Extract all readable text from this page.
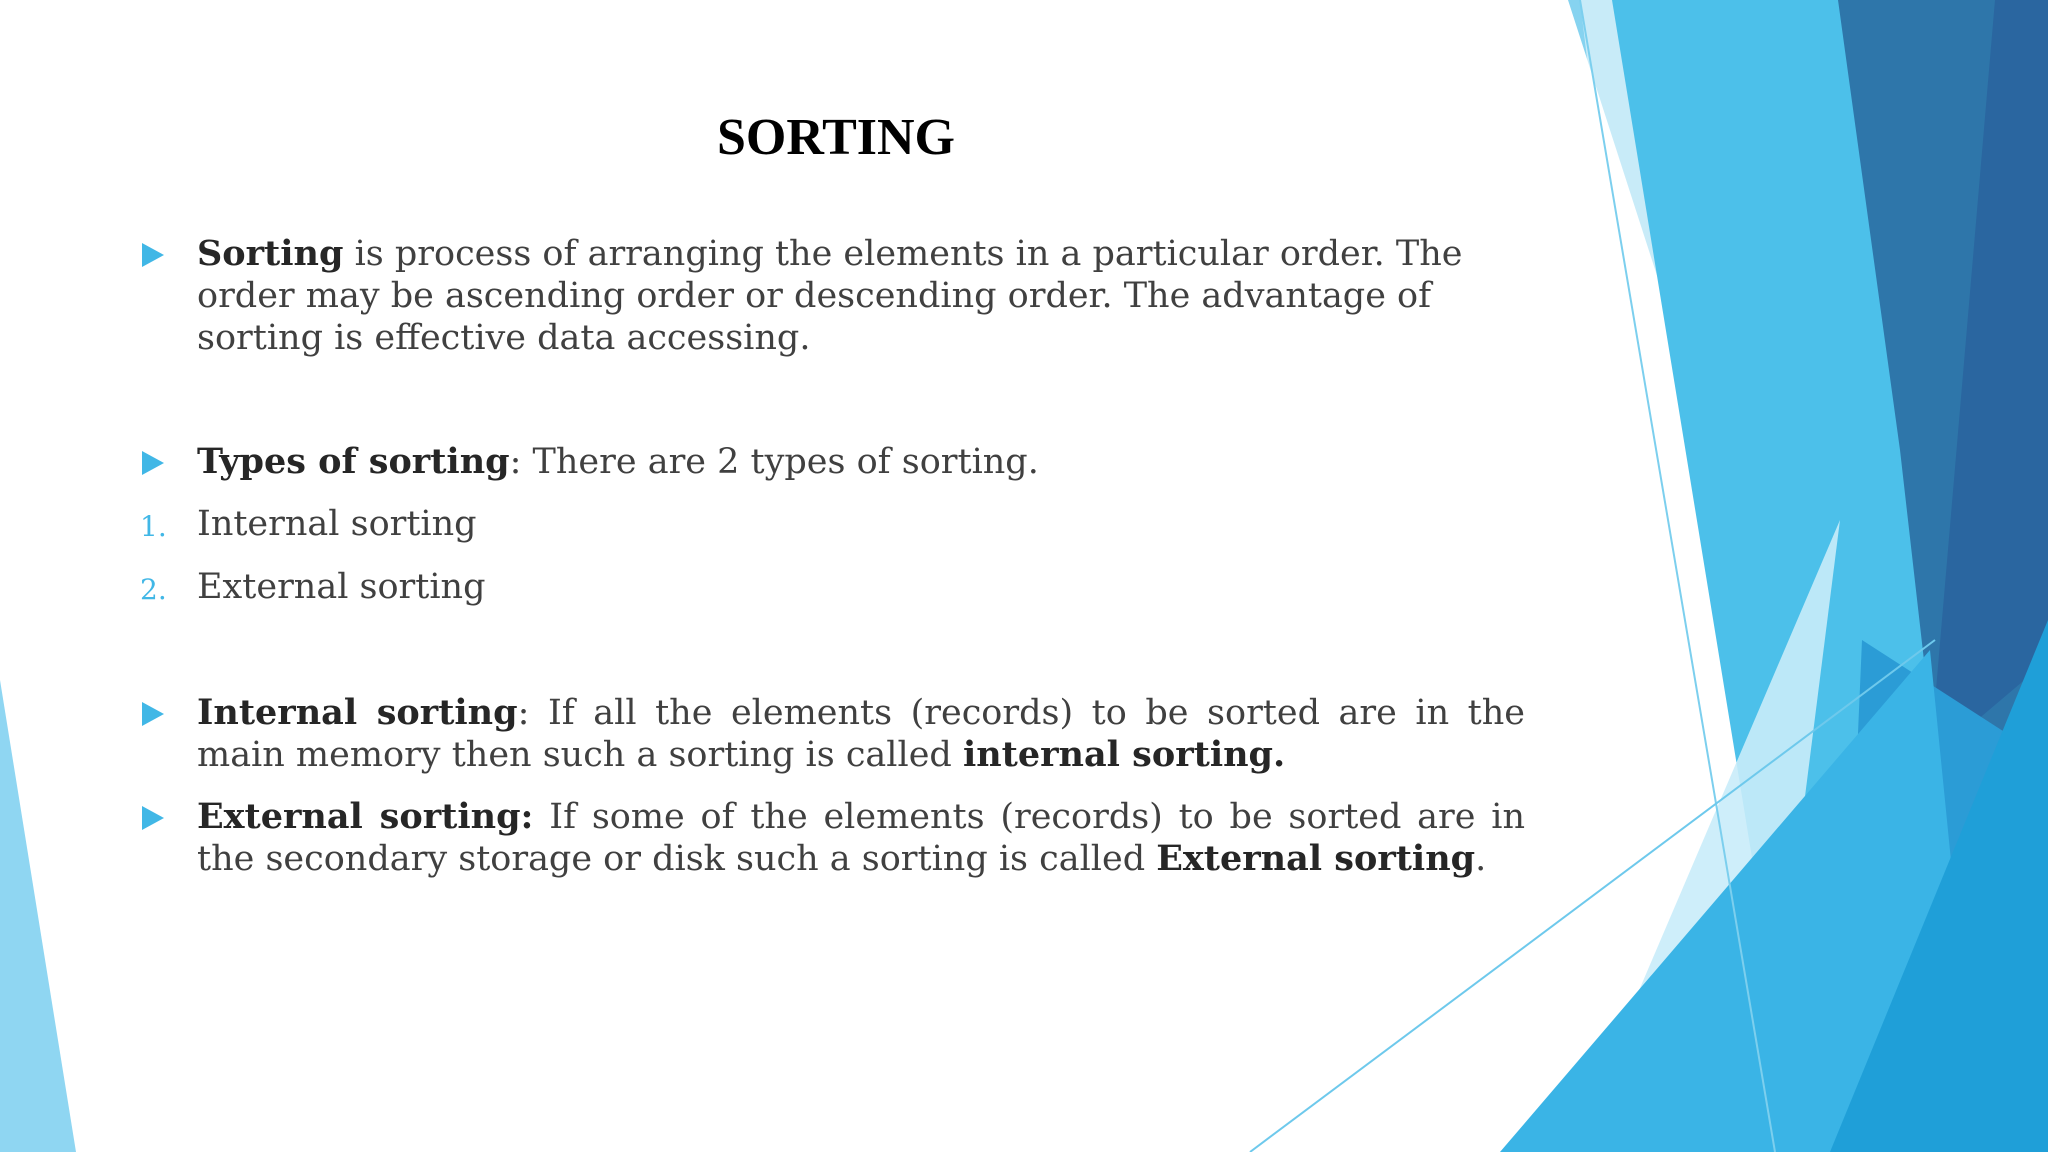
SORTING

Sorting is process of arranging the elements in a particular order. The order may be ascending order or descending order. The advantage of sorting is effective data accessing.

Types of sorting: There are 2 types of sorting.

1. Internal sorting

2. External sorting

Internal sorting: If all the elements (records) to be sorted are in the main memory then such a sorting is called internal sorting.

External sorting: If some of the elements (records) to be sorted are in the secondary storage or disk such a sorting is called External sorting.
